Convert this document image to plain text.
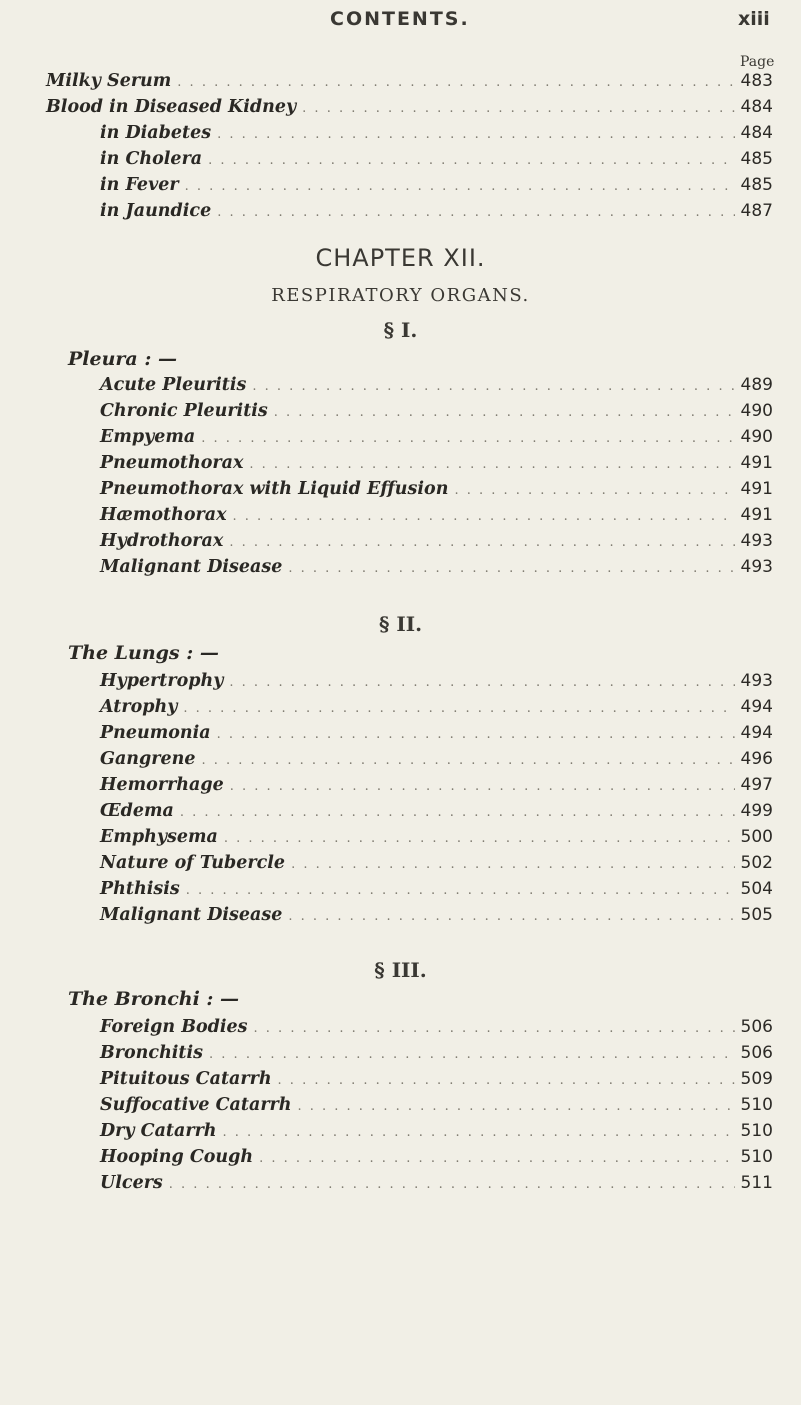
CONTENTS.	xiii
Page
Milky Serum . . .	483
Blood in Diseased Kidney . . .	484
in Diabetes . . .	484
in Cholera . . .	485
in Fever . . .	485
in Jaundice . . .	487
CHAPTER XII.
RESPIRATORY ORGANS.
§ I.
Pleura : —
Acute Pleuritis . . .	489
Chronic Pleuritis . . .	490
Empyema . . .	490
Pneumothorax . . .	491
Pneumothorax with Liquid Effusion . . .	491
Hæmothorax . . .	491
Hydrothorax . . .	493
Malignant Disease . . .	493
§ II.
The Lungs : —
Hypertrophy . . .	493
Atrophy . . .	494
Pneumonia . . .	494
Gangrene . . .	496
Hemorrhage . . .	497
Œdema . . .	499
Emphysema . . .	500
Nature of Tubercle . . .	502
Phthisis . . .	504
Malignant Disease . . .	505
§ III.
The Bronchi : —
Foreign Bodies . . .	506
Bronchitis . . .	506
Pituitous Catarrh . . .	509
Suffocative Catarrh . . .	510
Dry Catarrh . . .	510
Hooping Cough . . .	510
Ulcers . . .	511
